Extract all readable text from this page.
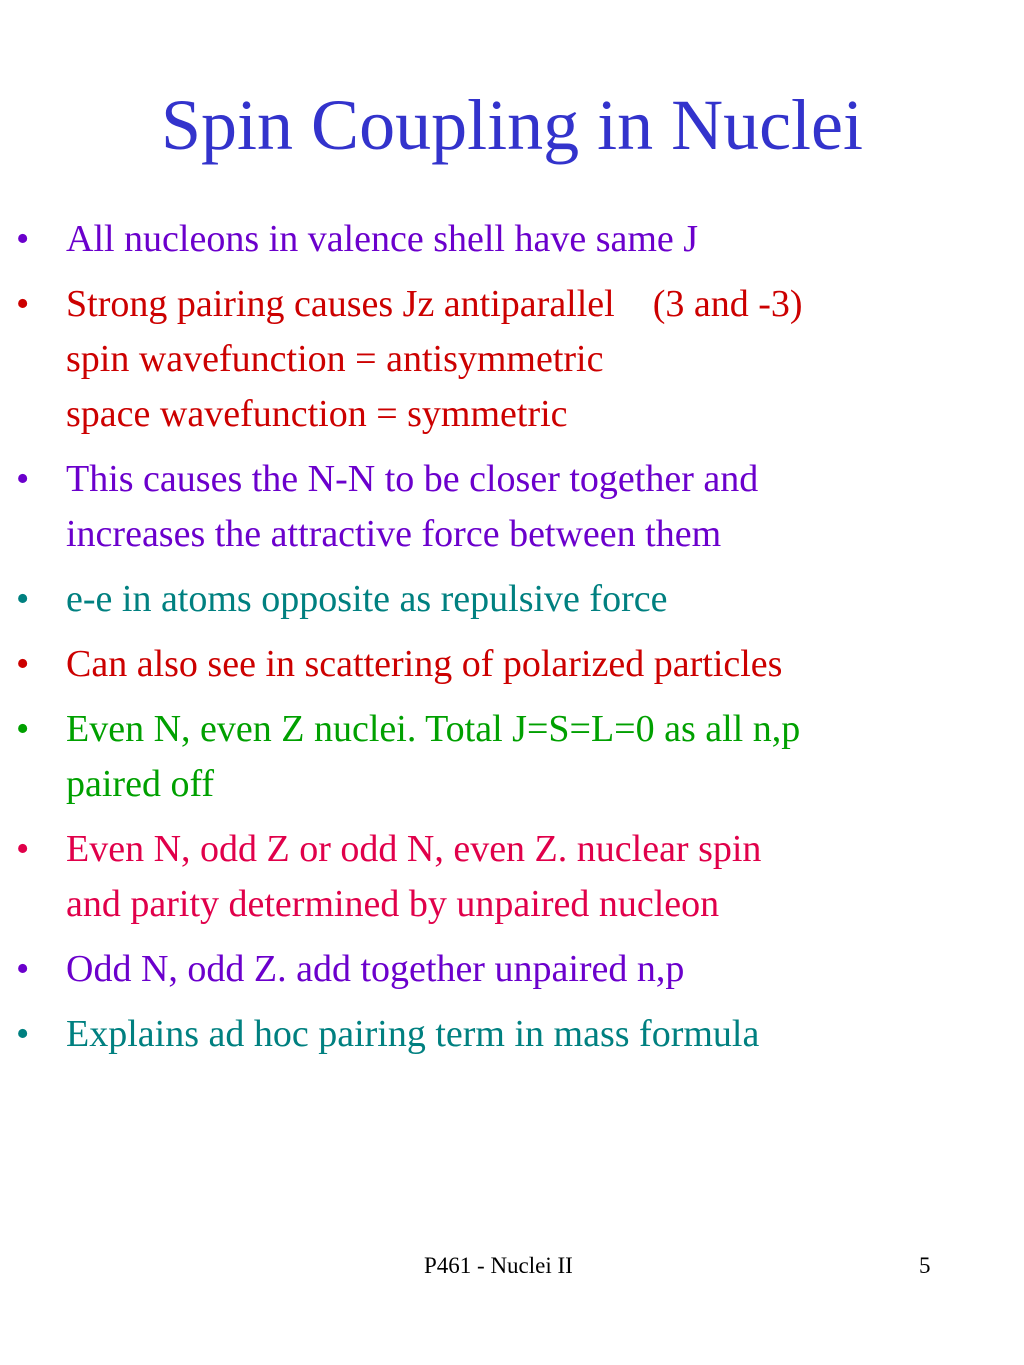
Spin Coupling in Nuclei
• All nucleons in valence shell have same J
• Strong pairing causes Jz antiparallel    (3 and -3)
spin wavefunction = antisymmetric
space wavefunction = symmetric
• This causes the N-N to be closer together and
increases the attractive force between them
• e-e in atoms opposite as repulsive force
• Can also see in scattering of polarized particles
• Even N, even Z nuclei. Total J=S=L=0 as all n,p
paired off
• Even N, odd Z or odd N, even Z. nuclear spin
and parity determined by unpaired nucleon
• Odd N, odd Z. add together unpaired n,p
• Explains ad hoc pairing term in mass formula
P461 - Nuclei II	5
